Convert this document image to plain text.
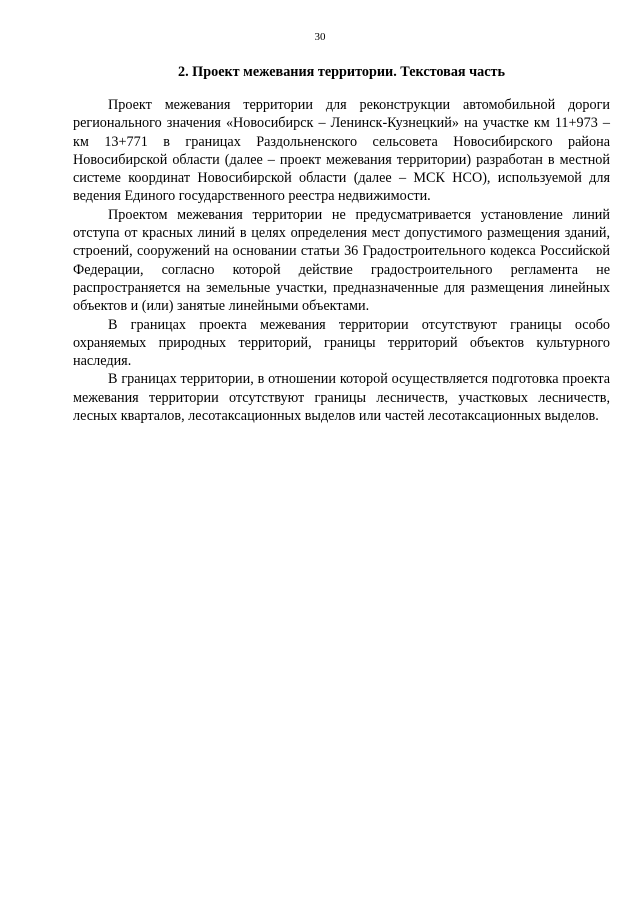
30
2. Проект межевания территории. Текстовая часть

Проект межевания территории для реконструкции автомобильной дороги регионального значения «Новосибирск – Ленинск-Кузнецкий» на участке км 11+973 – км 13+771 в границах Раздольненского сельсовета Новосибирского района Новосибирской области (далее – проект межевания территории) разработан в местной системе координат Новосибирской области (далее – МСК НСО), используемой для ведения Единого государственного реестра недвижимости.

Проектом межевания территории не предусматривается установление линий отступа от красных линий в целях определения мест допустимого размещения зданий, строений, сооружений на основании статьи 36 Градостроительного кодекса Российской Федерации, согласно которой действие градостроительного регламента не распространяется на земельные участки, предназначенные для размещения линейных объектов и (или) занятые линейными объектами.

В границах проекта межевания территории отсутствуют границы особо охраняемых природных территорий, границы территорий объектов культурного наследия.

В границах территории, в отношении которой осуществляется подготовка проекта межевания территории отсутствуют границы лесничеств, участковых лесничеств, лесных кварталов, лесотаксационных выделов или частей лесотаксационных выделов.
